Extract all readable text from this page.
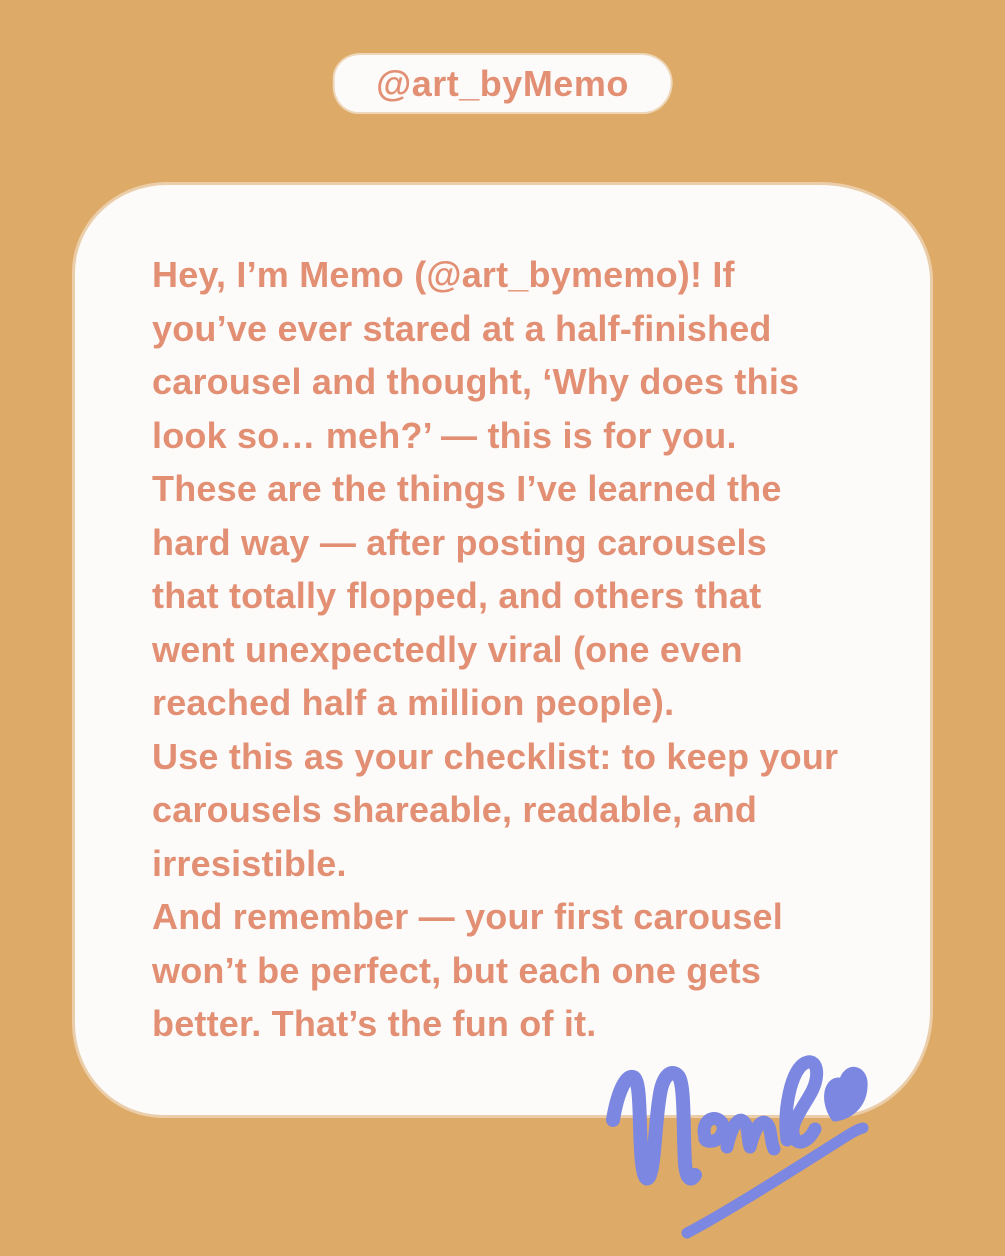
@art_byMemo
Hey, I’m Memo (@art_bymemo)! If
you’ve ever stared at a half-finished
carousel and thought, ‘Why does this
look so… meh?’ — this is for you.
These are the things I’ve learned the
hard way — after posting carousels
that totally flopped, and others that
went unexpectedly viral (one even
reached half a million people).
Use this as your checklist: to keep your
carousels shareable, readable, and
irresistible.
And remember — your first carousel
won’t be perfect, but each one gets
better. That’s the fun of it.
